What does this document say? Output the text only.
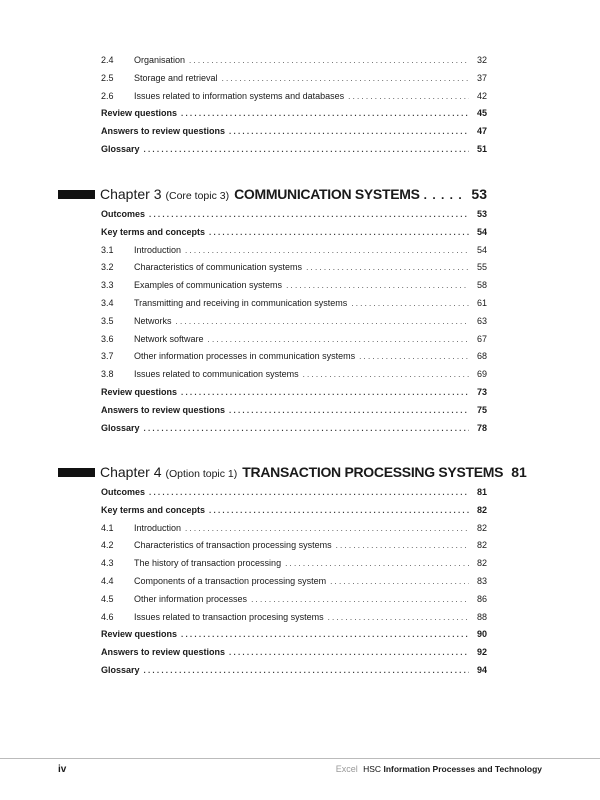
2.4	Organisation . . .	32
2.5	Storage and retrieval . . .	37
2.6	Issues related to information systems and databases . . .	42
Review questions . . .	45
Answers to review questions . . .	47
Glossary . . .	51
Chapter 3 (Core topic 3) COMMUNICATION SYSTEMS . . .	53
Outcomes . . .	53
Key terms and concepts . . .	54
3.1	Introduction . . .	54
3.2	Characteristics of communication systems . . .	55
3.3	Examples of communication systems . . .	58
3.4	Transmitting and receiving in communication systems . . .	61
3.5	Networks . . .	63
3.6	Network software . . .	67
3.7	Other information processes in communication systems . . .	68
3.8	Issues related to communication systems . . .	69
Review questions . . .	73
Answers to review questions . . .	75
Glossary . . .	78
Chapter 4 (Option topic 1) TRANSACTION PROCESSING SYSTEMS 81
Outcomes . . .	81
Key terms and concepts . . .	82
4.1	Introduction . . .	82
4.2	Characteristics of transaction processing systems . . .	82
4.3	The history of transaction processing . . .	82
4.4	Components of a transaction processing system . . .	83
4.5	Other information processes . . .	86
4.6	Issues related to transaction procesing systems . . .	88
Review questions . . .	90
Answers to review questions . . .	92
Glossary . . .	94
iv	Excel HSC Information Processes and Technology
